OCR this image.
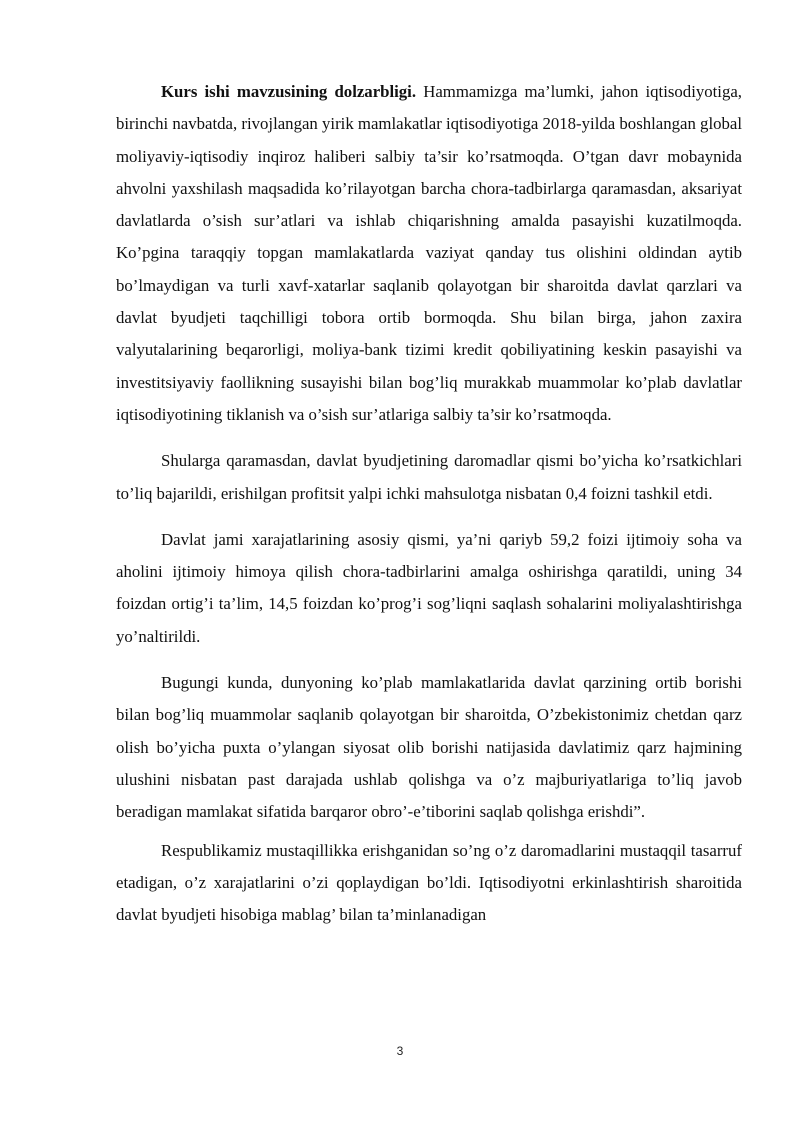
Kurs ishi mavzusining dolzarbligi. Hammamizga ma’lumki, jahon iqtisodiyotiga, birinchi navbatda, rivojlangan yirik mamlakatlar iqtisodiyotiga 2018-yilda boshlangan global moliyaviy-iqtisodiy inqiroz haliberi salbiy ta’sir ko’rsatmoqda. O’tgan davr mobaynida ahvolni yaxshilash maqsadida ko’rilayotgan barcha chora-tadbirlarga qaramasdan, aksariyat davlatlarda o’sish sur’atlari va ishlab chiqarishning amalda pasayishi kuzatilmoqda. Ko’pgina taraqqiy topgan mamlakatlarda vaziyat qanday tus olishini oldindan aytib bo’lmaydigan va turli xavf-xatarlar saqlanib qolayotgan bir sharoitda davlat qarzlari va davlat byudjeti taqchilligi tobora ortib bormoqda. Shu bilan birga, jahon zaxira valyutalarining beqarorligi, moliya-bank tizimi kredit qobiliyatining keskin pasayishi va investitsiyaviy faollikning susayishi bilan bog’liq murakkab muammolar ko’plab davlatlar iqtisodiyotining tiklanish va o’sish sur’atlariga salbiy ta’sir ko’rsatmoqda.

Shularga qaramasdan, davlat byudjetining daromadlar qismi bo’yicha ko’rsatkichlari to’liq bajarildi, erishilgan profitsit yalpi ichki mahsulotga nisbatan 0,4 foizni tashkil etdi.

Davlat jami xarajatlarining asosiy qismi, ya’ni qariyb 59,2 foizi ijtimoiy soha va aholini ijtimoiy himoya qilish chora-tadbirlarini amalga oshirishga qaratildi, uning 34 foizdan ortig’i ta’lim, 14,5 foizdan ko’prog’i sog’liqni saqlash sohalarini moliyalashtirishga yo’naltirildi.

Bugungi kunda, dunyoning ko’plab mamlakatlarida davlat qarzining ortib borishi bilan bog’liq muammolar saqlanib qolayotgan bir sharoitda, O’zbekistonimiz chetdan qarz olish bo’yicha puxta o’ylangan siyosat olib borishi natijasida davlatimiz qarz hajmining ulushini nisbatan past darajada ushlab qolishga va o’z majburiyatlariga to’liq javob beradigan mamlakat sifatida barqaror obro’-e’tiborini saqlab qolishga erishdi”.

Respublikamiz mustaqillikka erishganidan so’ng o’z daromadlarini mustaqqil tasarruf etadigan, o’z xarajatlarini o’zi qoplaydigan bo’ldi. Iqtisodiyotni erkinlashtirish sharoitida davlat byudjeti hisobiga mablag’ bilan ta’minlanadigan

3
